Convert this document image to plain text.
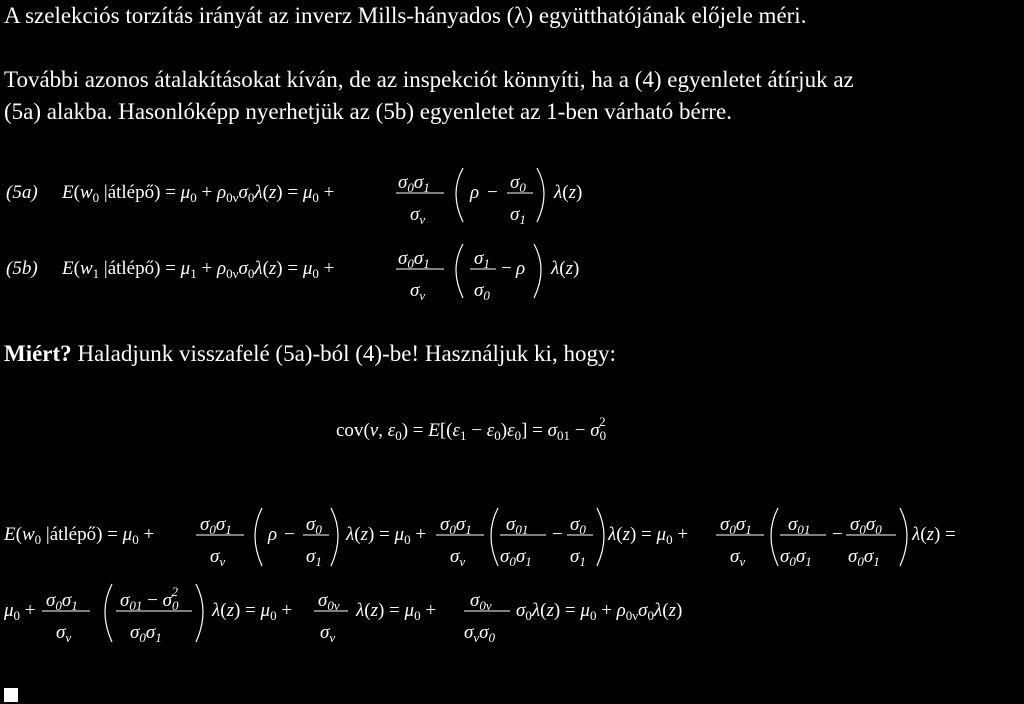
A szelekciós torzítás irányát az inverz Mills-hányados (λ) együtthatójának előjele méri.
További azonos átalakításokat kíván, de az inspekciót könnyíti, ha a (4) egyenletet átírjuk az
(5a) alakba. Hasonlóképp nyerhetjük az (5b) egyenletet az 1-ben várható bérre.
(5a) $E(w_0$ |átlépő) = $\mu_0 + \rho_{0\nu}\sigma_0\lambda(z) = \mu_0$ +	$\sigma_0\sigma_1$
$\sigma_\nu$
$\rho - \sigma_0$
$\sigma_1$
λ(z)
(5b) $E(w_1$ |átlépő) = $\mu_1 + \rho_{0\nu}\sigma_0\lambda(z) = \mu_0$ +	$\sigma_0\sigma_1$
$\sigma_\nu$
$\sigma_1$
$\sigma_0$
− ρ λ(z)
Miért? Haladjunk visszafelé (5a)-ból (4)-be! Használjuk ki, hogy:
cov(ν, $\varepsilon_0) = E[(\varepsilon_1 - \varepsilon_0)\varepsilon_0] = \sigma_{01} - \sigma_02$
$E(w_0$ |átlépő) = $\mu_0 + \sigma_0\sigma_1$
$\sigma_\nu$
$\rho - \sigma_0$
$\sigma_1$
$\lambda(z) = \mu_0 + \sigma_0\sigma_1$
$\sigma_\nu$
$\sigma_{01}$
$\sigma_0\sigma_1$
− $\sigma_0$
$\sigma_1$
$\lambda(z) = \mu_0 + \sigma_0\sigma_1$
$\sigma_\nu$
$\sigma_{01}$
$\sigma_0\sigma_1$
− $\sigma_0\sigma_0$
$\sigma_0\sigma_1$
λ(z) =
$\mu_0 + \sigma_0\sigma_1$
$\sigma_\nu$
$\sigma_{01} - \sigma_02$
$\sigma_0\sigma_1$
$\lambda(z) = \mu_0 + \sigma_{0\nu}$
$\sigma_\nu$
$\lambda(z) = \mu_0 + \sigma_{0\nu}$
$\sigma_\nu\sigma_0$
$\sigma_0\lambda(z) = \mu_0 + \rho_{0\nu}\sigma_0\lambda(z)$
